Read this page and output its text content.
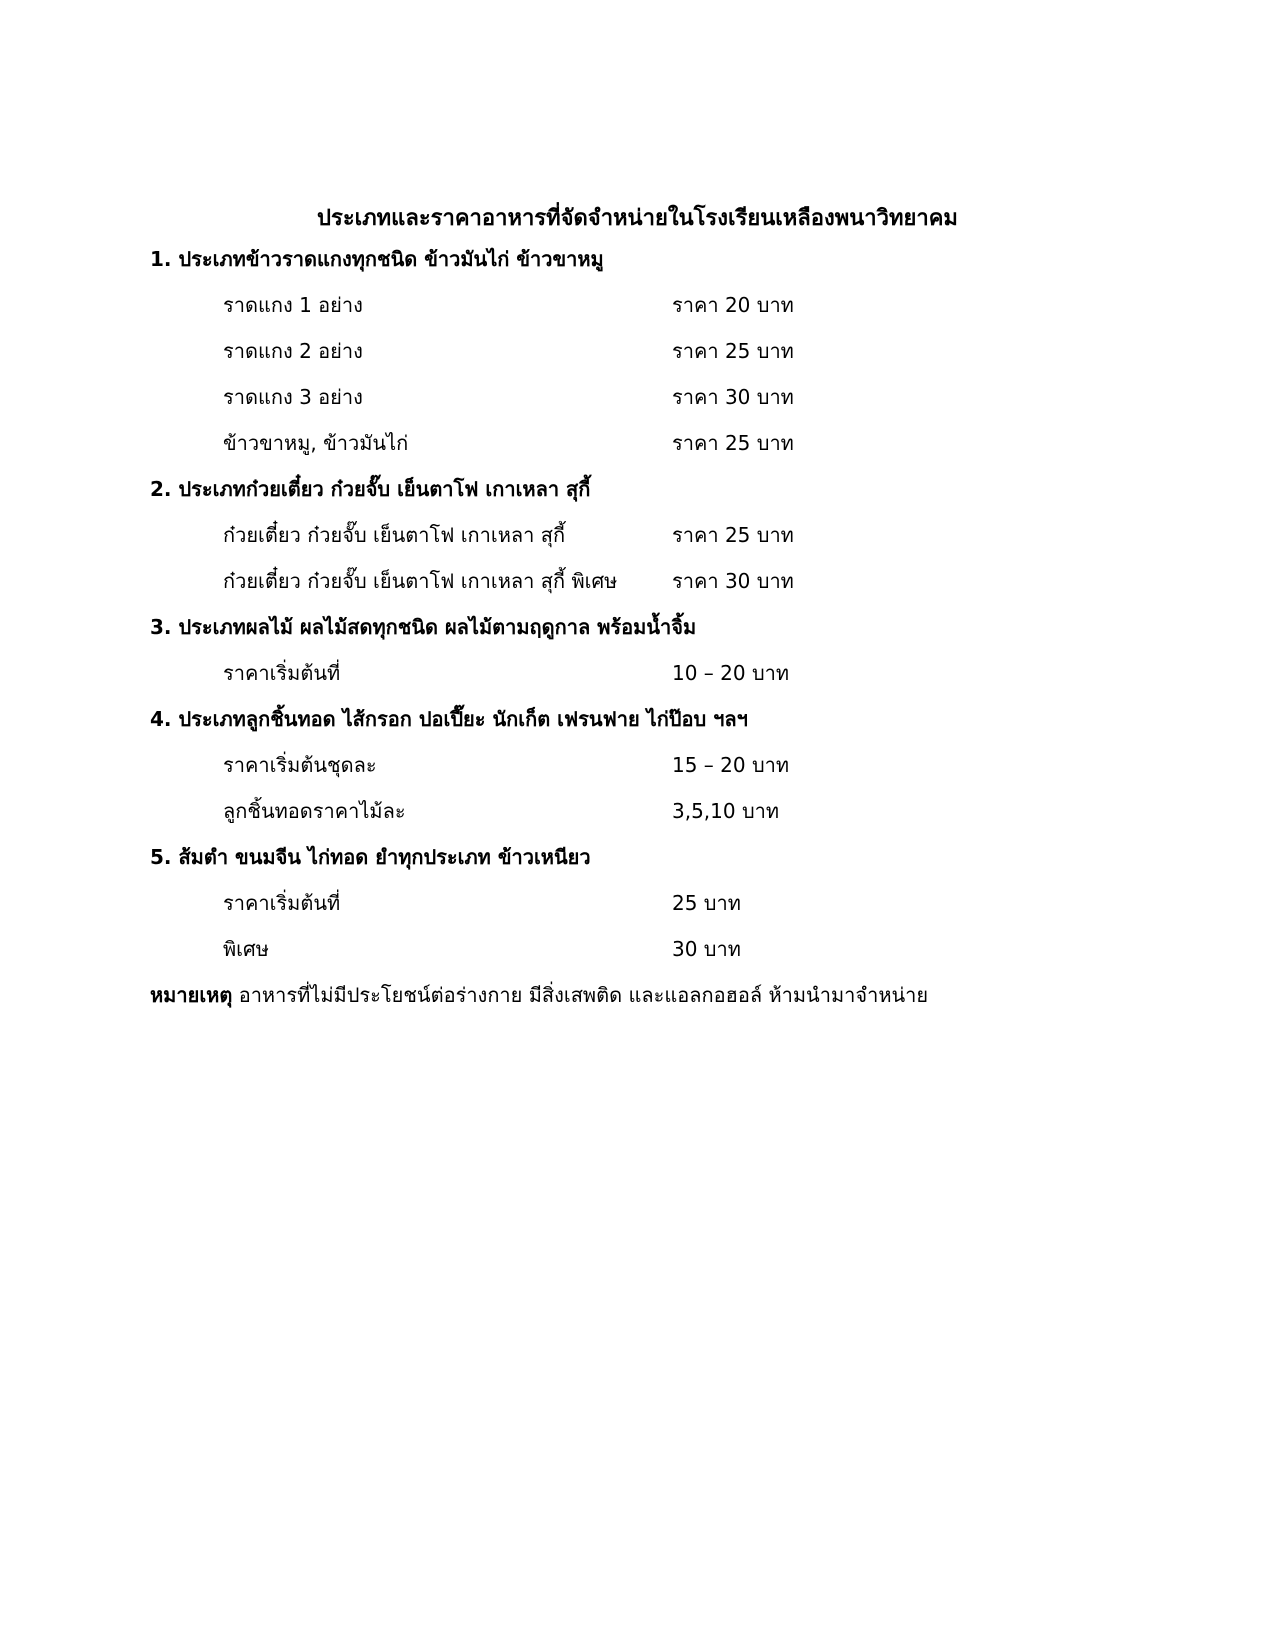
ประเภทและราคาอาหารที่จัดจำหน่ายในโรงเรียนเหลืองพนาวิทยาคม
1. ประเภทข้าวราดแกงทุกชนิด ข้าวมันไก่ ข้าวขาหมู
ราดแกง 1 อย่าง	ราคา 20 บาท
ราดแกง 2 อย่าง	ราคา 25 บาท
ราดแกง 3 อย่าง	ราคา 30 บาท
ข้าวขาหมู, ข้าวมันไก่	ราคา 25 บาท
2. ประเภทก๋วยเตี๋ยว ก๋วยจั๊บ เย็นตาโฟ เกาเหลา สุกี้
ก๋วยเตี๋ยว ก๋วยจั๊บ เย็นตาโฟ เกาเหลา สุกี้	ราคา 25 บาท
ก๋วยเตี๋ยว ก๋วยจั๊บ เย็นตาโฟ เกาเหลา สุกี้ พิเศษ	ราคา 30 บาท
3. ประเภทผลไม้ ผลไม้สดทุกชนิด ผลไม้ตามฤดูกาล พร้อมน้ำจิ้ม
ราคาเริ่มต้นที่	10 – 20 บาท
4. ประเภทลูกชิ้นทอด ไส้กรอก ปอเปี๊ยะ นักเก็ต เฟรนฟาย ไก่ป๊อบ ฯลฯ
ราคาเริ่มต้นชุดละ	15 – 20 บาท
ลูกชิ้นทอดราคาไม้ละ	3,5,10 บาท
5. ส้มตำ ขนมจีน ไก่ทอด ยำทุกประเภท ข้าวเหนียว
ราคาเริ่มต้นที่	25 บาท
พิเศษ	30 บาท
หมายเหตุ อาหารที่ไม่มีประโยชน์ต่อร่างกาย มีสิ่งเสพติด และแอลกอฮอล์ ห้ามนำมาจำหน่าย
